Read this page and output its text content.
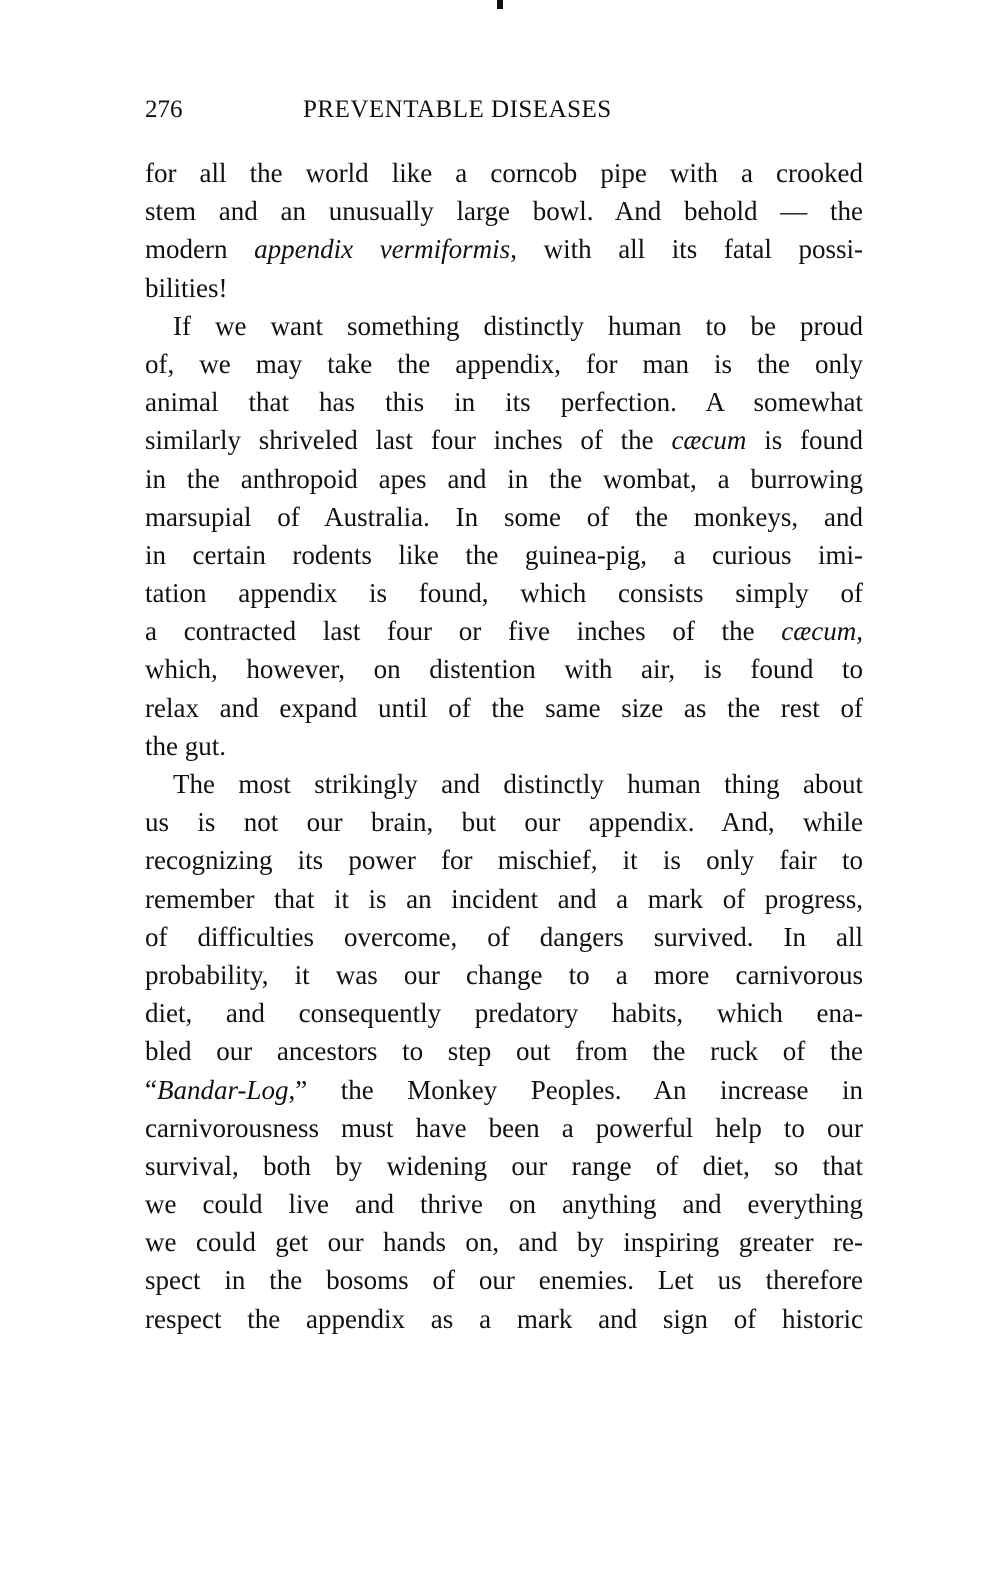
276	PREVENTABLE DISEASES
for all the world like a corncob pipe with a crooked
stem and an unusually large bowl. And behold — the
modern appendix vermiformis, with all its fatal possi-
bilities!
If we want something distinctly human to be proud
of, we may take the appendix, for man is the only
animal that has this in its perfection. A somewhat
similarly shriveled last four inches of the cæcum is found
in the anthropoid apes and in the wombat, a burrowing
marsupial of Australia. In some of the monkeys, and
in certain rodents like the guinea-pig, a curious imi-
tation appendix is found, which consists simply of
a contracted last four or five inches of the cæcum,
which, however, on distention with air, is found to
relax and expand until of the same size as the rest of
the gut.
The most strikingly and distinctly human thing about
us is not our brain, but our appendix. And, while
recognizing its power for mischief, it is only fair to
remember that it is an incident and a mark of progress,
of difficulties overcome, of dangers survived. In all
probability, it was our change to a more carnivorous
diet, and consequently predatory habits, which ena-
bled our ancestors to step out from the ruck of the
“Bandar-Log,” the Monkey Peoples. An increase in
carnivorousness must have been a powerful help to our
survival, both by widening our range of diet, so that
we could live and thrive on anything and everything
we could get our hands on, and by inspiring greater re-
spect in the bosoms of our enemies. Let us therefore
respect the appendix as a mark and sign of historic
